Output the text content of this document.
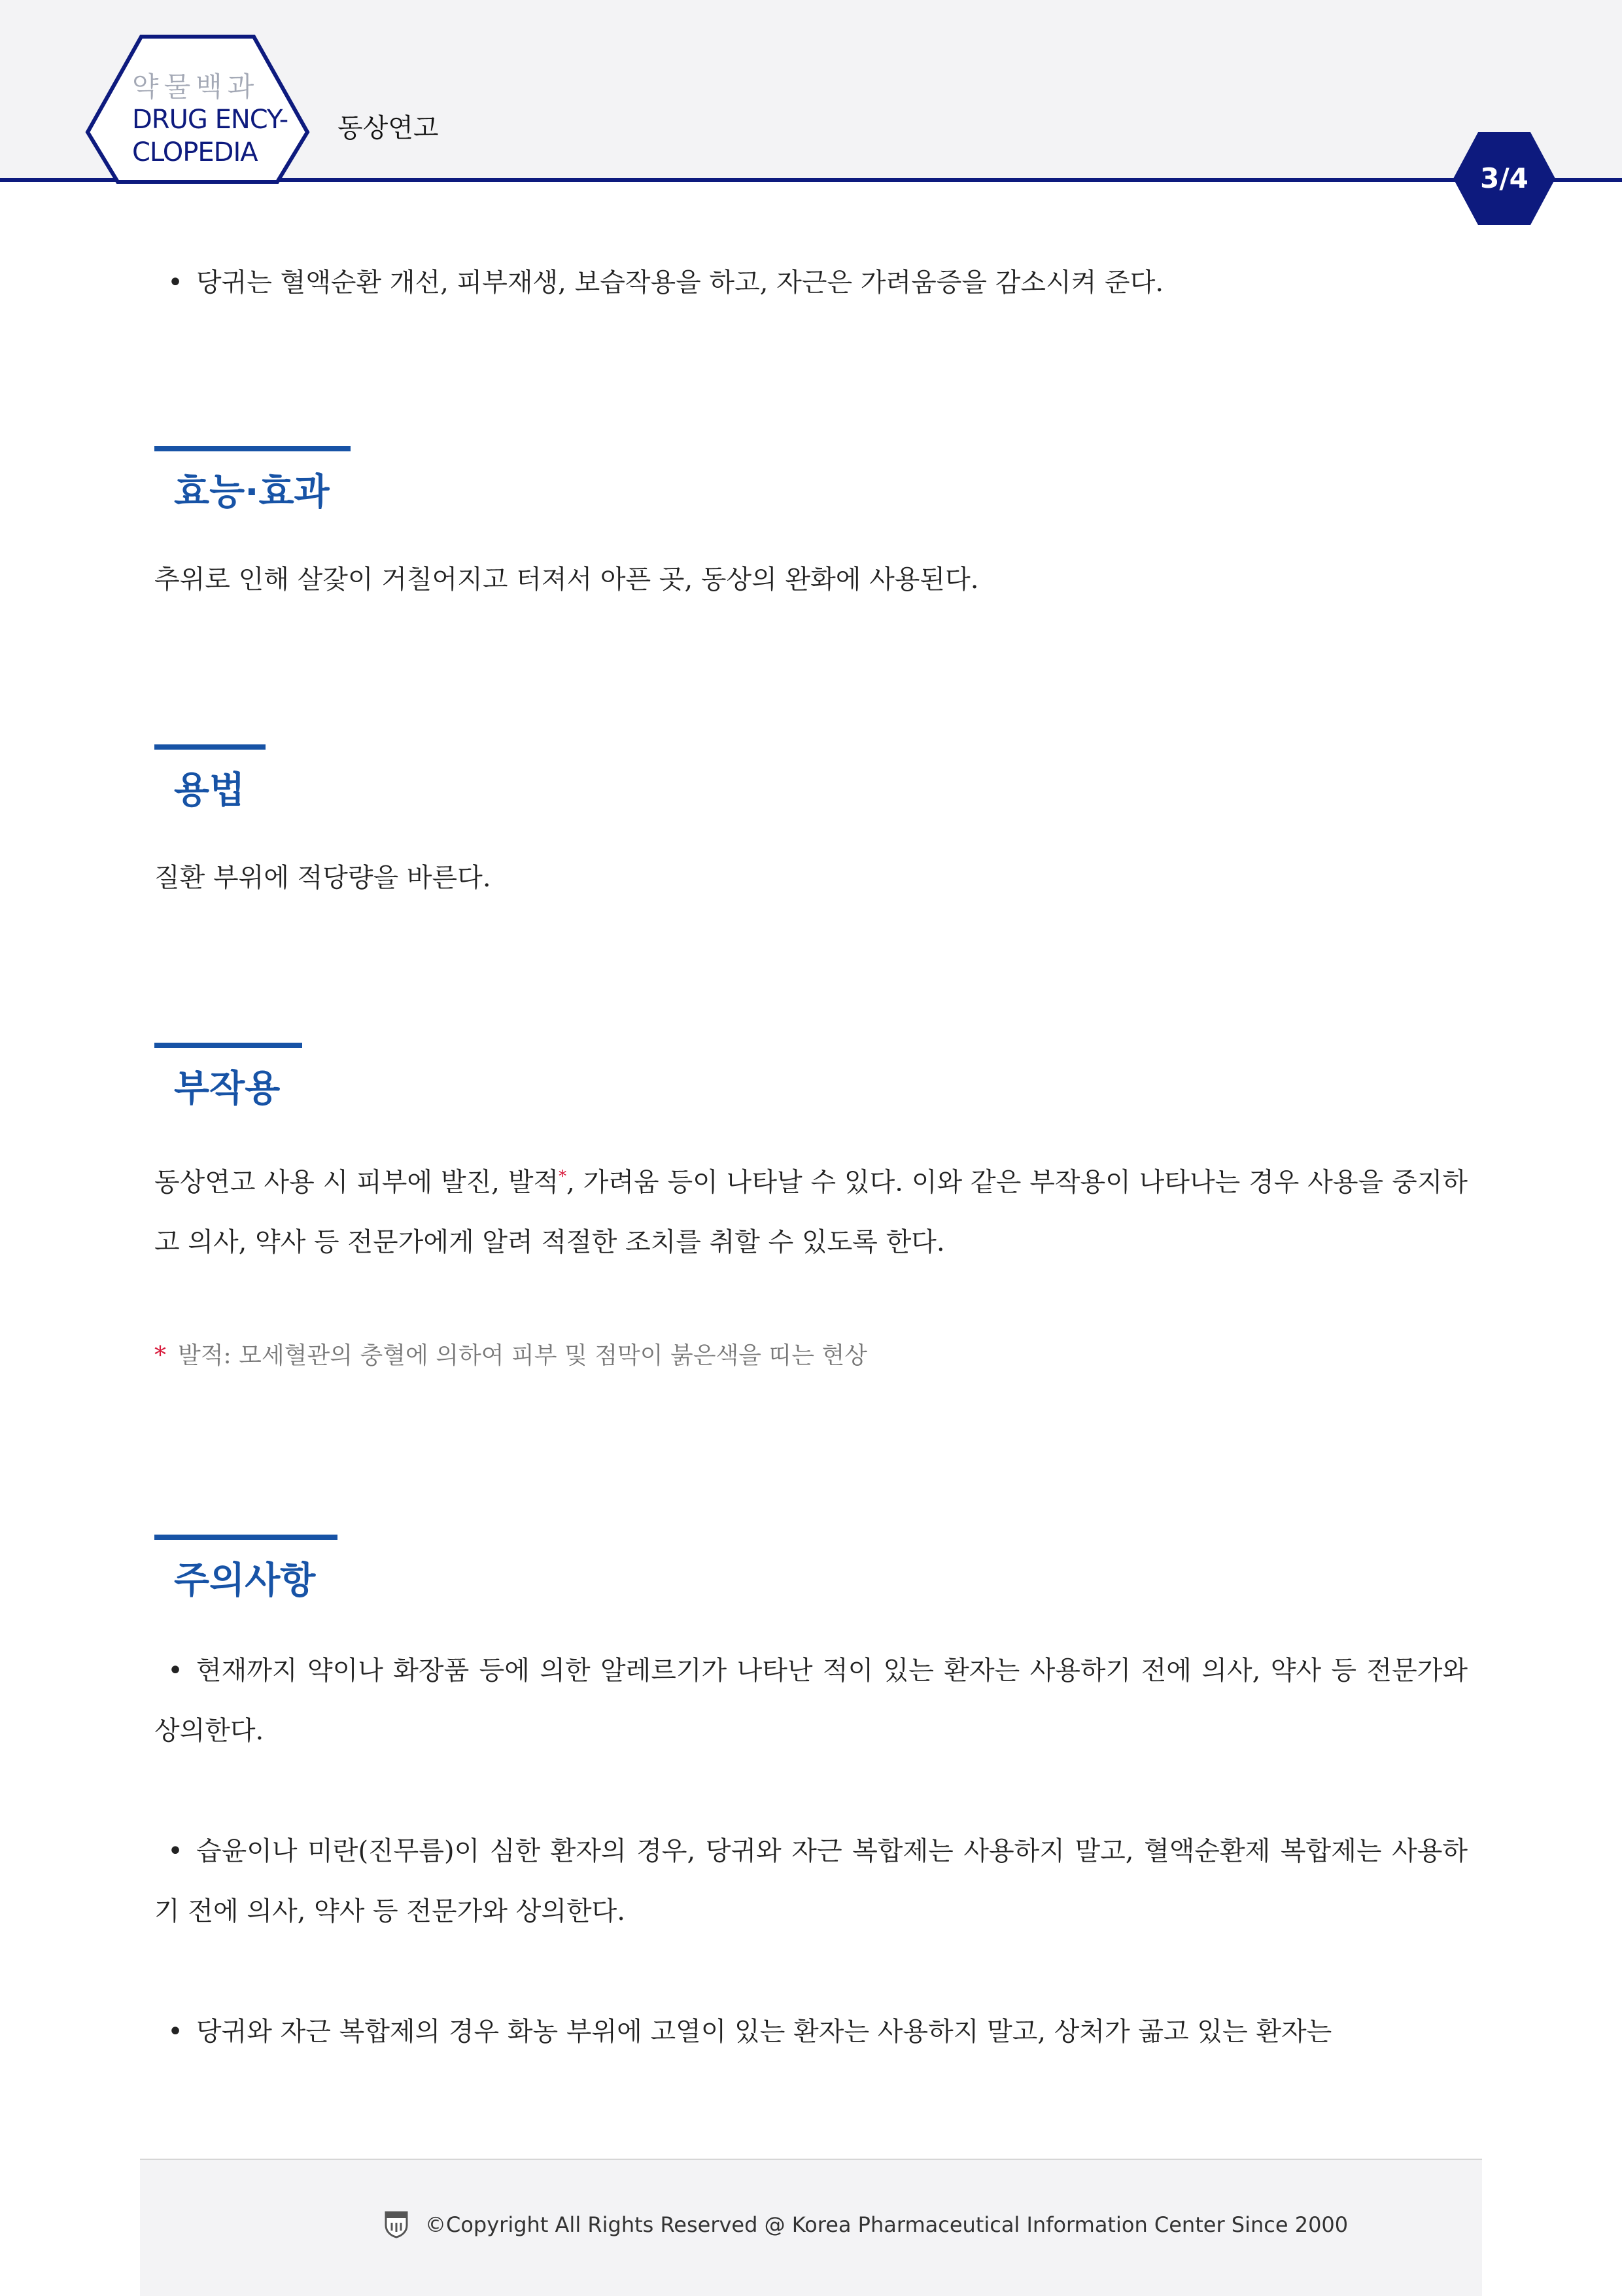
약물백과
DRUG ENCY-
CLOPEDIA
동상연고
3/4
• 당귀는 혈액순환 개선, 피부재생, 보습작용을 하고, 자근은 가려움증을 감소시켜 준다.
효능·효과
추위로 인해 살갗이 거칠어지고 터져서 아픈 곳, 동상의 완화에 사용된다.
용법
질환 부위에 적당량을 바른다.
부작용
동상연고 사용 시 피부에 발진, 발적*, 가려움 등이 나타날 수 있다. 이와 같은 부작용이 나타나는 경우 사용을 중지하고 의사, 약사 등 전문가에게 알려 적절한 조치를 취할 수 있도록 한다.
* 발적: 모세혈관의 충혈에 의하여 피부 및 점막이 붉은색을 띠는 현상
주의사항
• 현재까지 약이나 화장품 등에 의한 알레르기가 나타난 적이 있는 환자는 사용하기 전에 의사, 약사 등 전문가와 상의한다.
• 습윤이나 미란(진무름)이 심한 환자의 경우, 당귀와 자근 복합제는 사용하지 말고, 혈액순환제 복합제는 사용하기 전에 의사, 약사 등 전문가와 상의한다.
• 당귀와 자근 복합제의 경우 화농 부위에 고열이 있는 환자는 사용하지 말고, 상처가 곪고 있는 환자는
©Copyright All Rights Reserved @ Korea Pharmaceutical Information Center Since 2000
